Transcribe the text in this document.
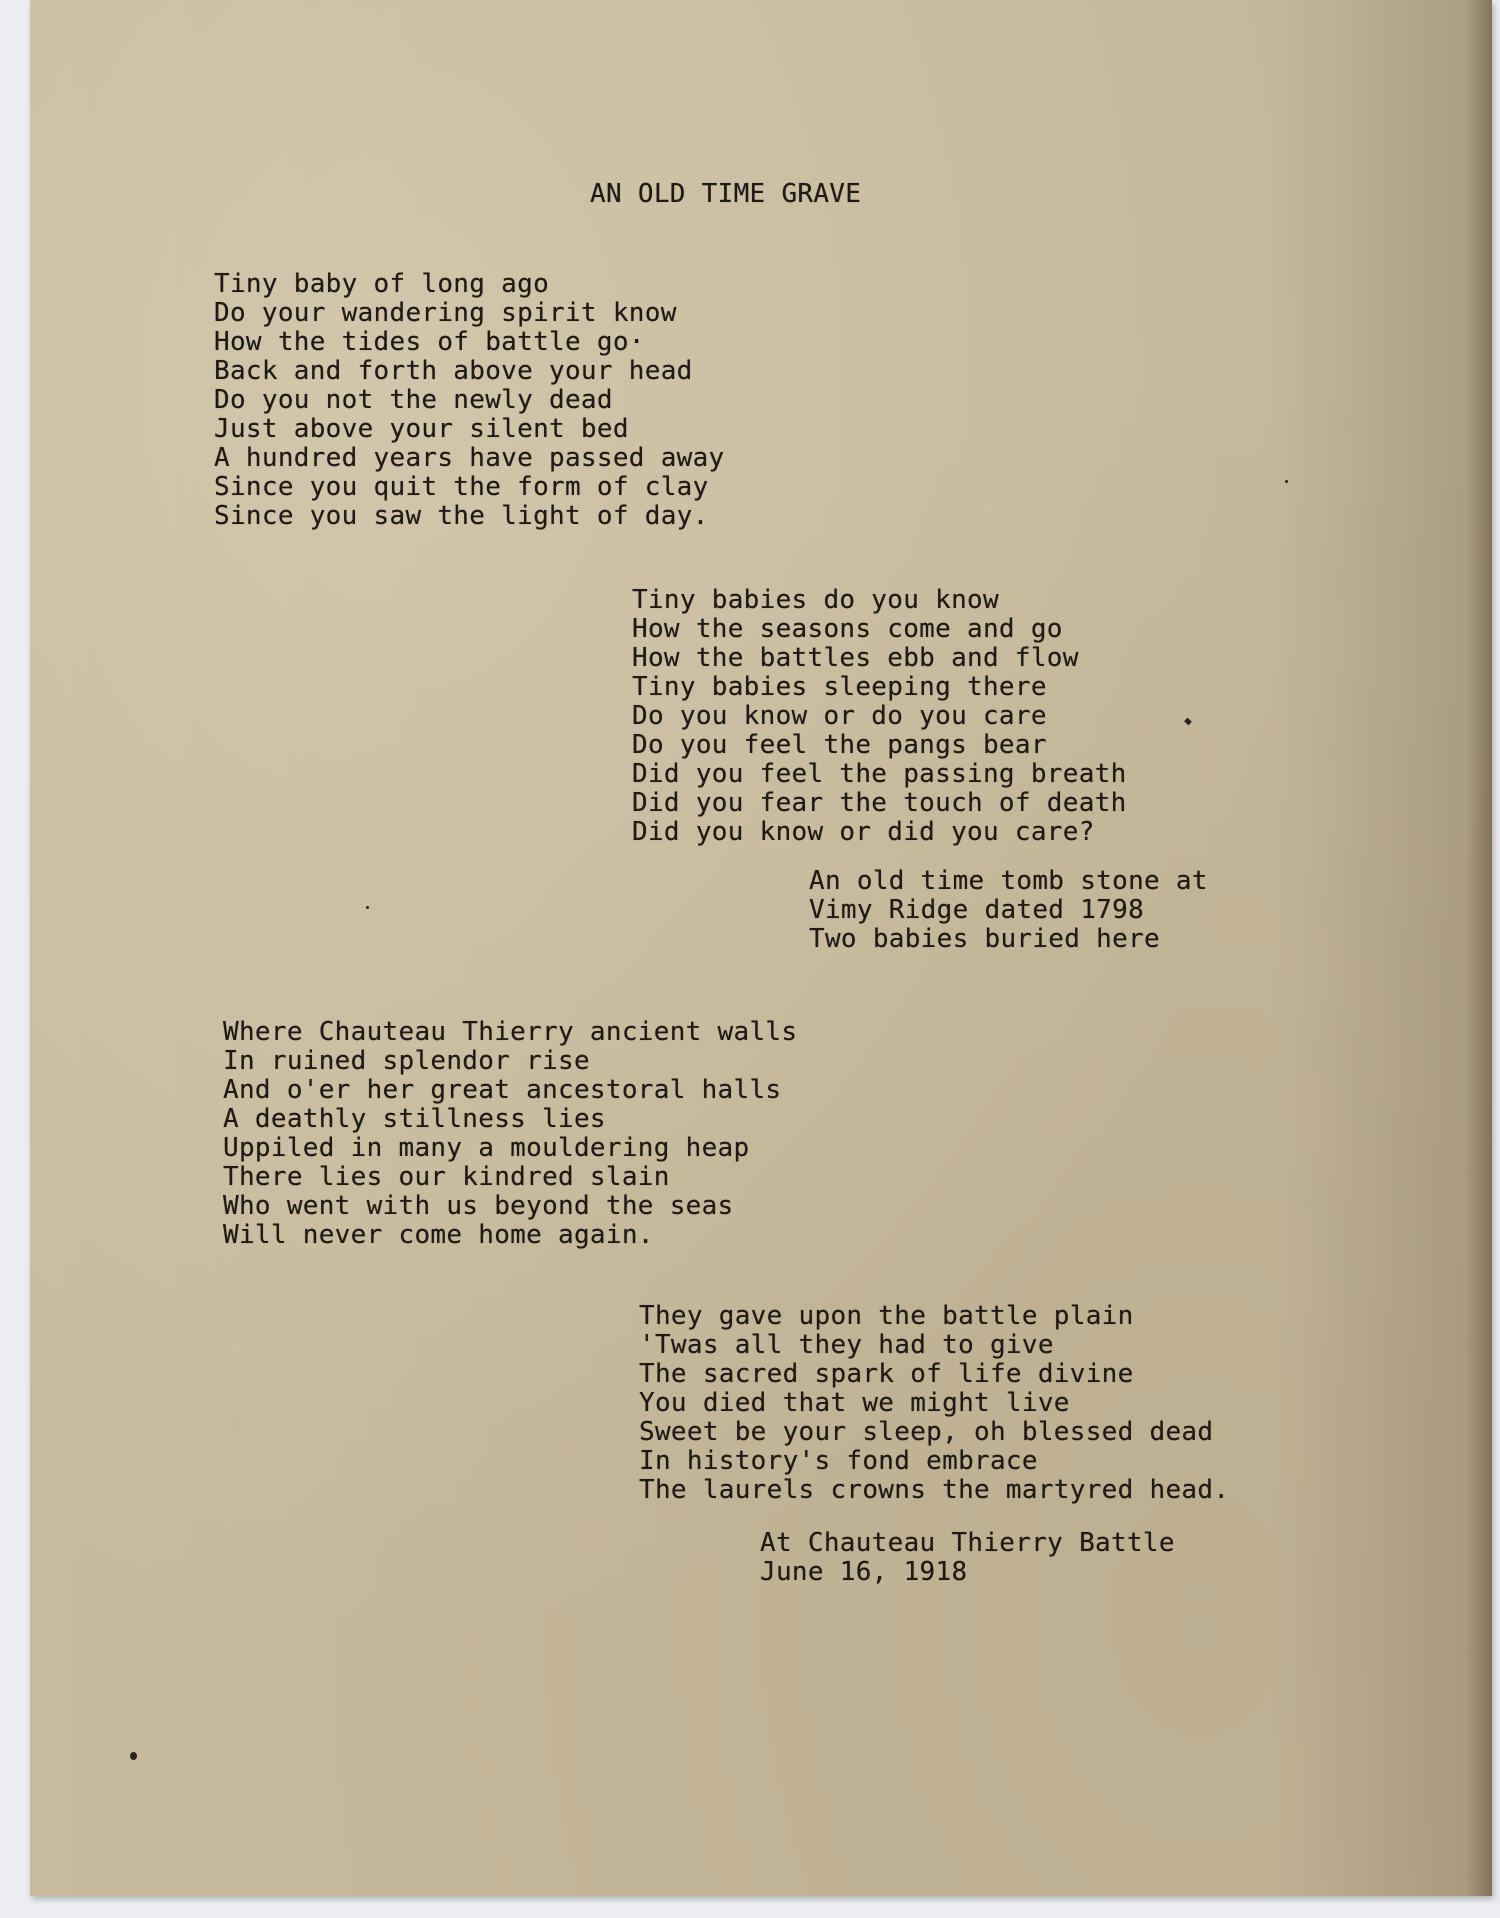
AN OLD TIME GRAVE
Tiny baby of long ago
Do your wandering spirit know
How the tides of battle go·
Back and forth above your head
Do you not the newly dead
Just above your silent bed
A hundred years have passed away
Since you quit the form of clay
Since you saw the light of day.
Tiny babies do you know
How the seasons come and go
How the battles ebb and flow
Tiny babies sleeping there
Do you know or do you care
Do you feel the pangs bear
Did you feel the passing breath
Did you fear the touch of death
Did you know or did you care?
An old time tomb stone at
Vimy Ridge dated 1798
Two babies buried here
Where Chauteau Thierry ancient walls
In ruined splendor rise
And o'er her great ancestoral halls
A deathly stillness lies
Uppiled in many a mouldering heap
There lies our kindred slain
Who went with us beyond the seas
Will never come home again.
They gave upon the battle plain
'Twas all they had to give
The sacred spark of life divine
You died that we might live
Sweet be your sleep, oh blessed dead
In history's fond embrace
The laurels crowns the martyred head.
At Chauteau Thierry Battle
June 16, 1918
